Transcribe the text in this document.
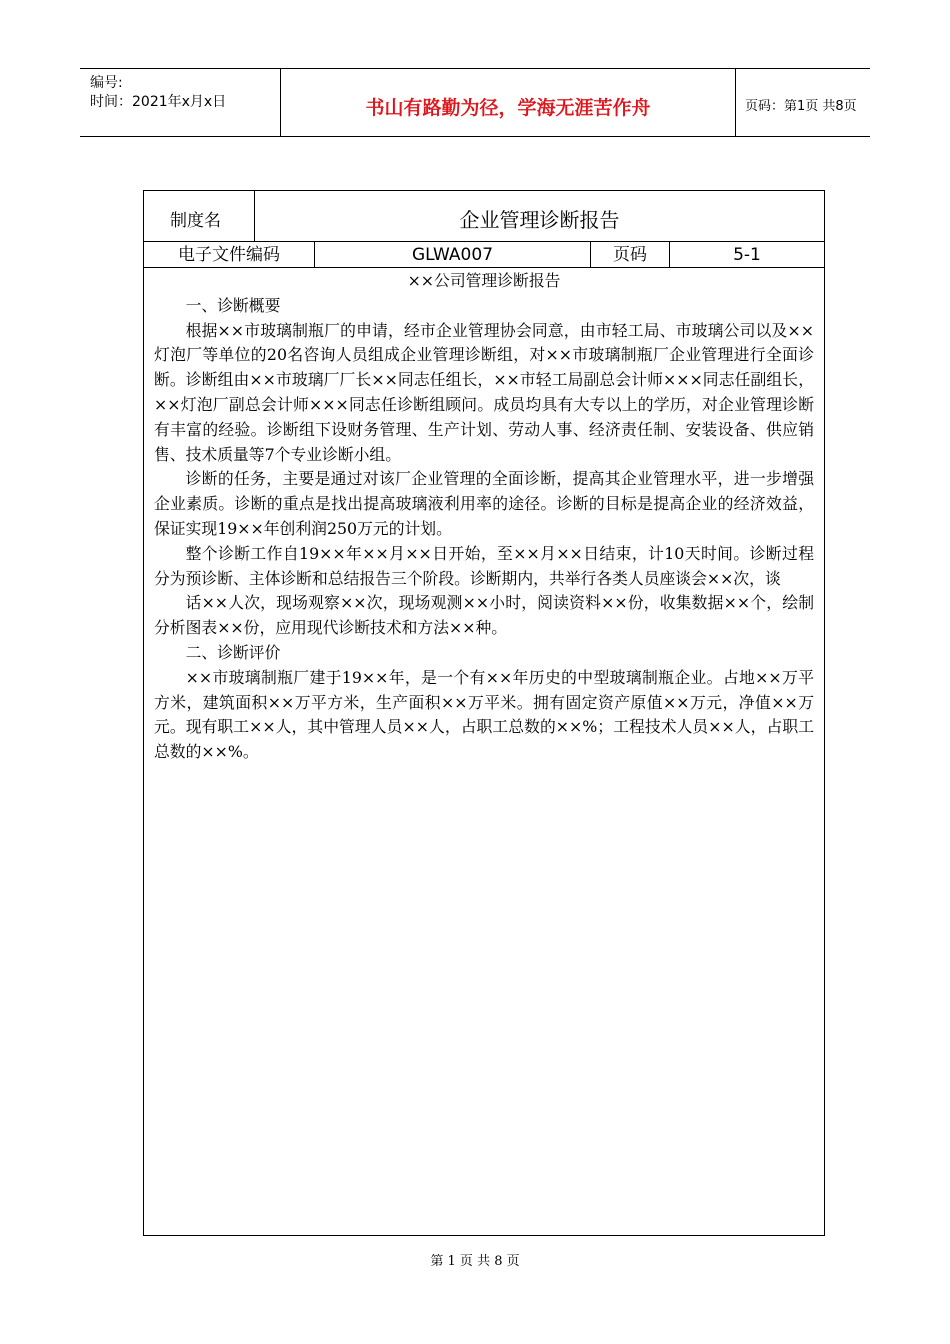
编号:
时间：2021年x月x日	书山有路勤为径，学海无涯苦作舟	页码：第1页 共8页
制度名	企业管理诊断报告
电子文件编码	GLWA007	页码	5-1

××公司管理诊断报告

一、诊断概要

根据××市玻璃制瓶厂的申请，经市企业管理协会同意，由市轻工局、市玻璃公司以及××灯泡厂等单位的20名咨询人员组成企业管理诊断组，对××市玻璃制瓶厂企业管理进行全面诊断。诊断组由××市玻璃厂厂长××同志任组长，××市轻工局副总会计师×××同志任副组长，××灯泡厂副总会计师×××同志任诊断组顾问。成员均具有大专以上的学历，对企业管理诊断有丰富的经验。诊断组下设财务管理、生产计划、劳动人事、经济责任制、安装设备、供应销售、技术质量等7个专业诊断小组。

诊断的任务，主要是通过对该厂企业管理的全面诊断，提高其企业管理水平，进一步增强企业素质。诊断的重点是找出提高玻璃液利用率的途径。诊断的目标是提高企业的经济效益，保证实现19××年创利润250万元的计划。

整个诊断工作自19××年××月××日开始，至××月××日结束，计10天时间。诊断过程分为预诊断、主体诊断和总结报告三个阶段。诊断期内，共举行各类人员座谈会××次，谈

话××人次，现场观察××次，现场观测××小时，阅读资料××份，收集数据××个，绘制分析图表××份，应用现代诊断技术和方法××种。

二、诊断评价

××市玻璃制瓶厂建于19××年，是一个有××年历史的中型玻璃制瓶企业。占地××万平方米，建筑面积××万平方米，生产面积××万平米。拥有固定资产原值××万元，净值××万元。现有职工××人，其中管理人员××人，占职工总数的××%；工程技术人员××人，占职工总数的××%。

第 1 页 共 8 页
